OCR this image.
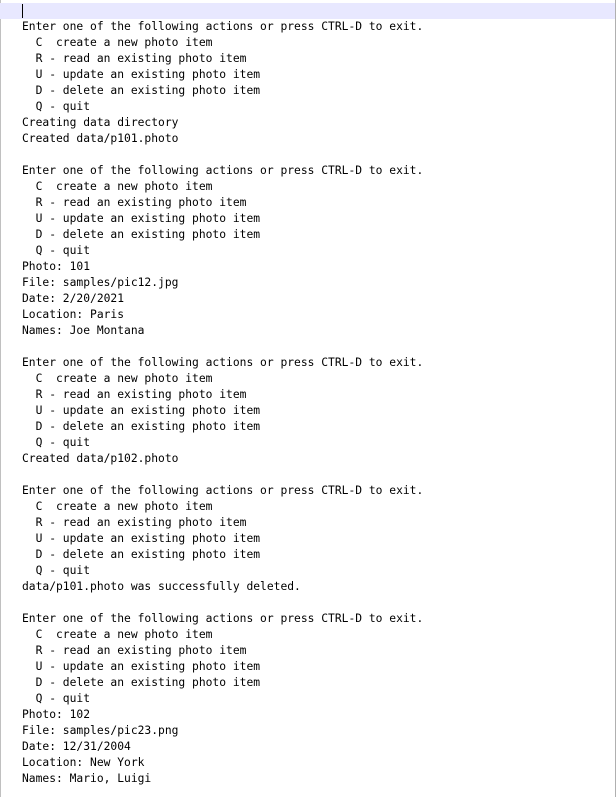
Enter one of the following actions or press CTRL-D to exit.
C  create a new photo item
R - read an existing photo item
U - update an existing photo item
D - delete an existing photo item
Q - quit
Creating data directory
Created data/p101.photo
Enter one of the following actions or press CTRL-D to exit.
C  create a new photo item
R - read an existing photo item
U - update an existing photo item
D - delete an existing photo item
Q - quit
Photo: 101
File: samples/pic12.jpg
Date: 2/20/2021
Location: Paris
Names: Joe Montana
Enter one of the following actions or press CTRL-D to exit.
C  create a new photo item
R - read an existing photo item
U - update an existing photo item
D - delete an existing photo item
Q - quit
Created data/p102.photo
Enter one of the following actions or press CTRL-D to exit.
C  create a new photo item
R - read an existing photo item
U - update an existing photo item
D - delete an existing photo item
Q - quit
data/p101.photo was successfully deleted.
Enter one of the following actions or press CTRL-D to exit.
C  create a new photo item
R - read an existing photo item
U - update an existing photo item
D - delete an existing photo item
Q - quit
Photo: 102
File: samples/pic23.png
Date: 12/31/2004
Location: New York
Names: Mario, Luigi
